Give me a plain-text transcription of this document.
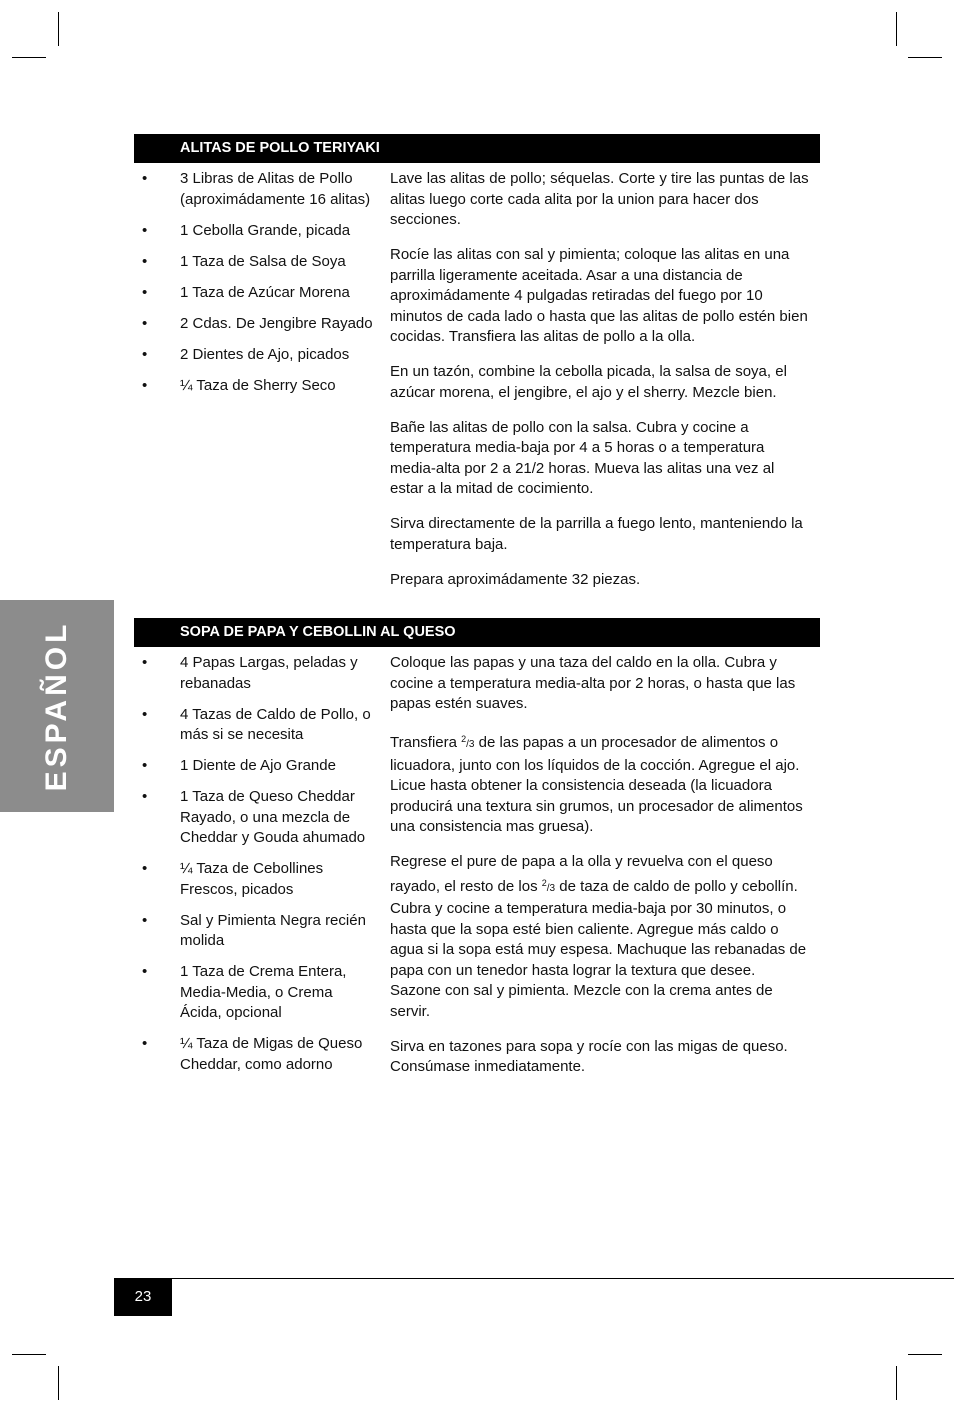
ESPAÑOL
ALITAS DE POLLO TERIYAKI
• 3 Libras de Alitas de Pollo (aproximádamente 16 alitas)
• 1 Cebolla Grande, picada
• 1 Taza de Salsa de Soya
• 1 Taza de Azúcar Morena
• 2 Cdas. De Jengibre Rayado
• 2 Dientes de Ajo, picados
• ¼ Taza de Sherry Seco

Lave las alitas de pollo; séquelas. Corte y tire las puntas de las alitas luego corte cada alita por la union para hacer dos secciones.

Rocíe las alitas con sal y pimienta; coloque las alitas en una parrilla ligeramente aceitada. Asar a una distancia de aproximádamente 4 pulgadas retiradas del fuego por 10 minutos de cada lado o hasta que las alitas de pollo estén bien cocidas. Transfiera las alitas de pollo a la olla.

En un tazón, combine la cebolla picada, la salsa de soya, el azúcar morena, el jengibre, el ajo y el sherry. Mezcle bien.

Bañe las alitas de pollo con la salsa. Cubra y cocine a temperatura media-baja por 4 a 5 horas o a temperatura media-alta por 2 a 21/2 horas. Mueva las alitas una vez al estar a la mitad de cocimiento.

Sirva directamente de la parrilla a fuego lento, manteniendo la temperatura baja.

Prepara aproximádamente 32 piezas.

SOPA DE PAPA Y CEBOLLIN AL QUESO
• 4 Papas Largas, peladas y rebanadas
• 4 Tazas de Caldo de Pollo, o más si se necesita
• 1 Diente de Ajo Grande
• 1 Taza de Queso Cheddar Rayado, o una mezcla de Cheddar y Gouda ahumado
• ¼ Taza de Cebollines Frescos, picados
• Sal y Pimienta Negra recién molida
• 1 Taza de Crema Entera, Media-Media, o Crema Ácida, opcional
• ¼ Taza de Migas de Queso Cheddar, como adorno

Coloque las papas y una taza del caldo en la olla. Cubra y cocine a temperatura media-alta por 2 horas, o hasta que las papas estén suaves.

Transfiera $^2$/3 de las papas a un procesador de alimentos o licuadora, junto con los líquidos de la cocción. Agregue el ajo. Licue hasta obtener la consistencia deseada (la licuadora producirá una textura sin grumos, un procesador de alimentos una consistencia mas gruesa).

Regrese el pure de papa a la olla y revuelva con el queso rayado, el resto de los $^2$/3 de taza de caldo de pollo y cebollín. Cubra y cocine a temperatura media-baja por 30 minutos, o hasta que la sopa esté bien caliente. Agregue más caldo o agua si la sopa está muy espesa. Machuque las rebanadas de papa con un tenedor hasta lograr la textura que desee. Sazone con sal y pimienta. Mezcle con la crema antes de servir.

Sirva en tazones para sopa y rocíe con las migas de queso. Consúmase inmediatamente.

23
